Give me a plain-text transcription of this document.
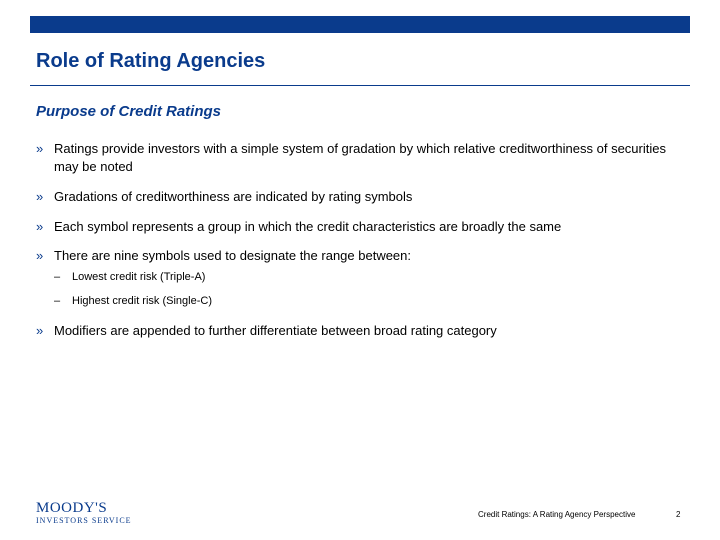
Role of Rating Agencies
Purpose of Credit Ratings
» Ratings provide investors with a simple system of gradation by which relative creditworthiness of securities may be noted
» Gradations of creditworthiness are indicated by rating symbols
» Each symbol represents a group in which the credit characteristics are broadly the same
» There are nine symbols used to designate the range between:
–	Lowest credit risk (Triple-A)
–	Highest credit risk (Single-C)
» Modifiers are appended to further differentiate between broad rating category
MOODY'S
INVESTORS SERVICE
Credit Ratings: A Rating Agency Perspective	2
